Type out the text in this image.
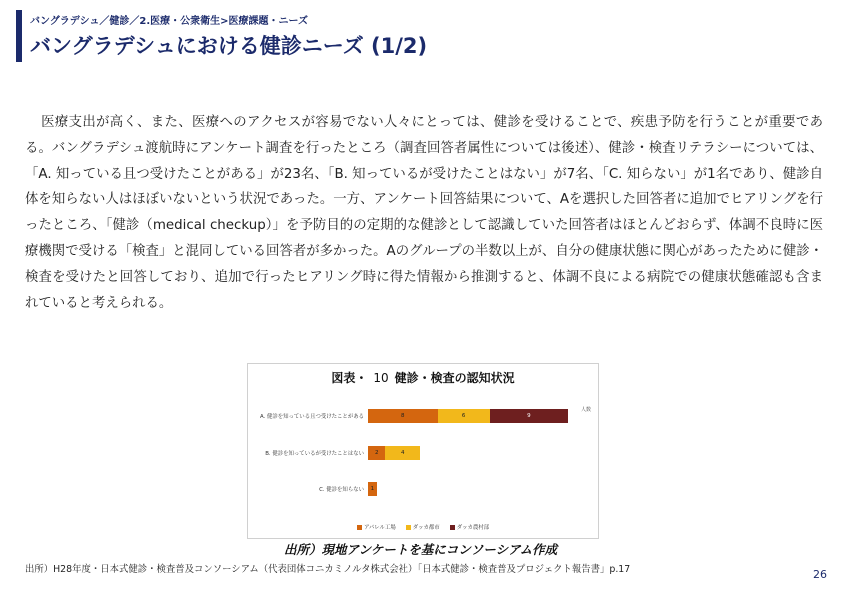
バングラデシュ／健診／2.医療・公衆衛生>医療課題・ニーズ
バングラデシュにおける健診ニーズ (1/2)

医療支出が高く、また、医療へのアクセスが容易でない人々にとっては、健診を受けることで、疾患予防を行うことが重要である。バングラデシュ渡航時にアンケート調査を行ったところ（調査回答者属性については後述）、健診・検査リテラシーについては、「A. 知っている且つ受けたことがある」が23名、「B. 知っているが受けたことはない」が7名、「C. 知らない」が1名であり、健診自体を知らない人はほぼいないという状況であった。一方、アンケート回答結果について、Aを選択した回答者に追加でヒアリングを行ったところ、「健診（medical checkup）」を予防目的の定期的な健診として認識していた回答者はほとんどおらず、体調不良時に医療機関で受ける「検査」と混同している回答者が多かった。Aのグループの半数以上が、自分の健康状態に関心があったために健診・検査を受けたと回答しており、追加で行ったヒアリング時に得た情報から推測すると、体調不良による病院での健康状態確認も含まれていると考えられる。

図表・ 10 健診・検査の認知状況
人数
A. 健診を知っている且つ受けたことがある	8	6	9
B. 健診を知っているが受けたことはない	2	4
C. 健診を知らない	1
アパレル工場	ダッカ都市	ダッカ農村部
出所）現地アンケートを基にコンソーシアム作成
出所）H28年度・日本式健診・検査普及コンソーシアム（代表団体コニカミノルタ株式会社）「日本式健診・検査普及プロジェクト報告書」p.17	26
